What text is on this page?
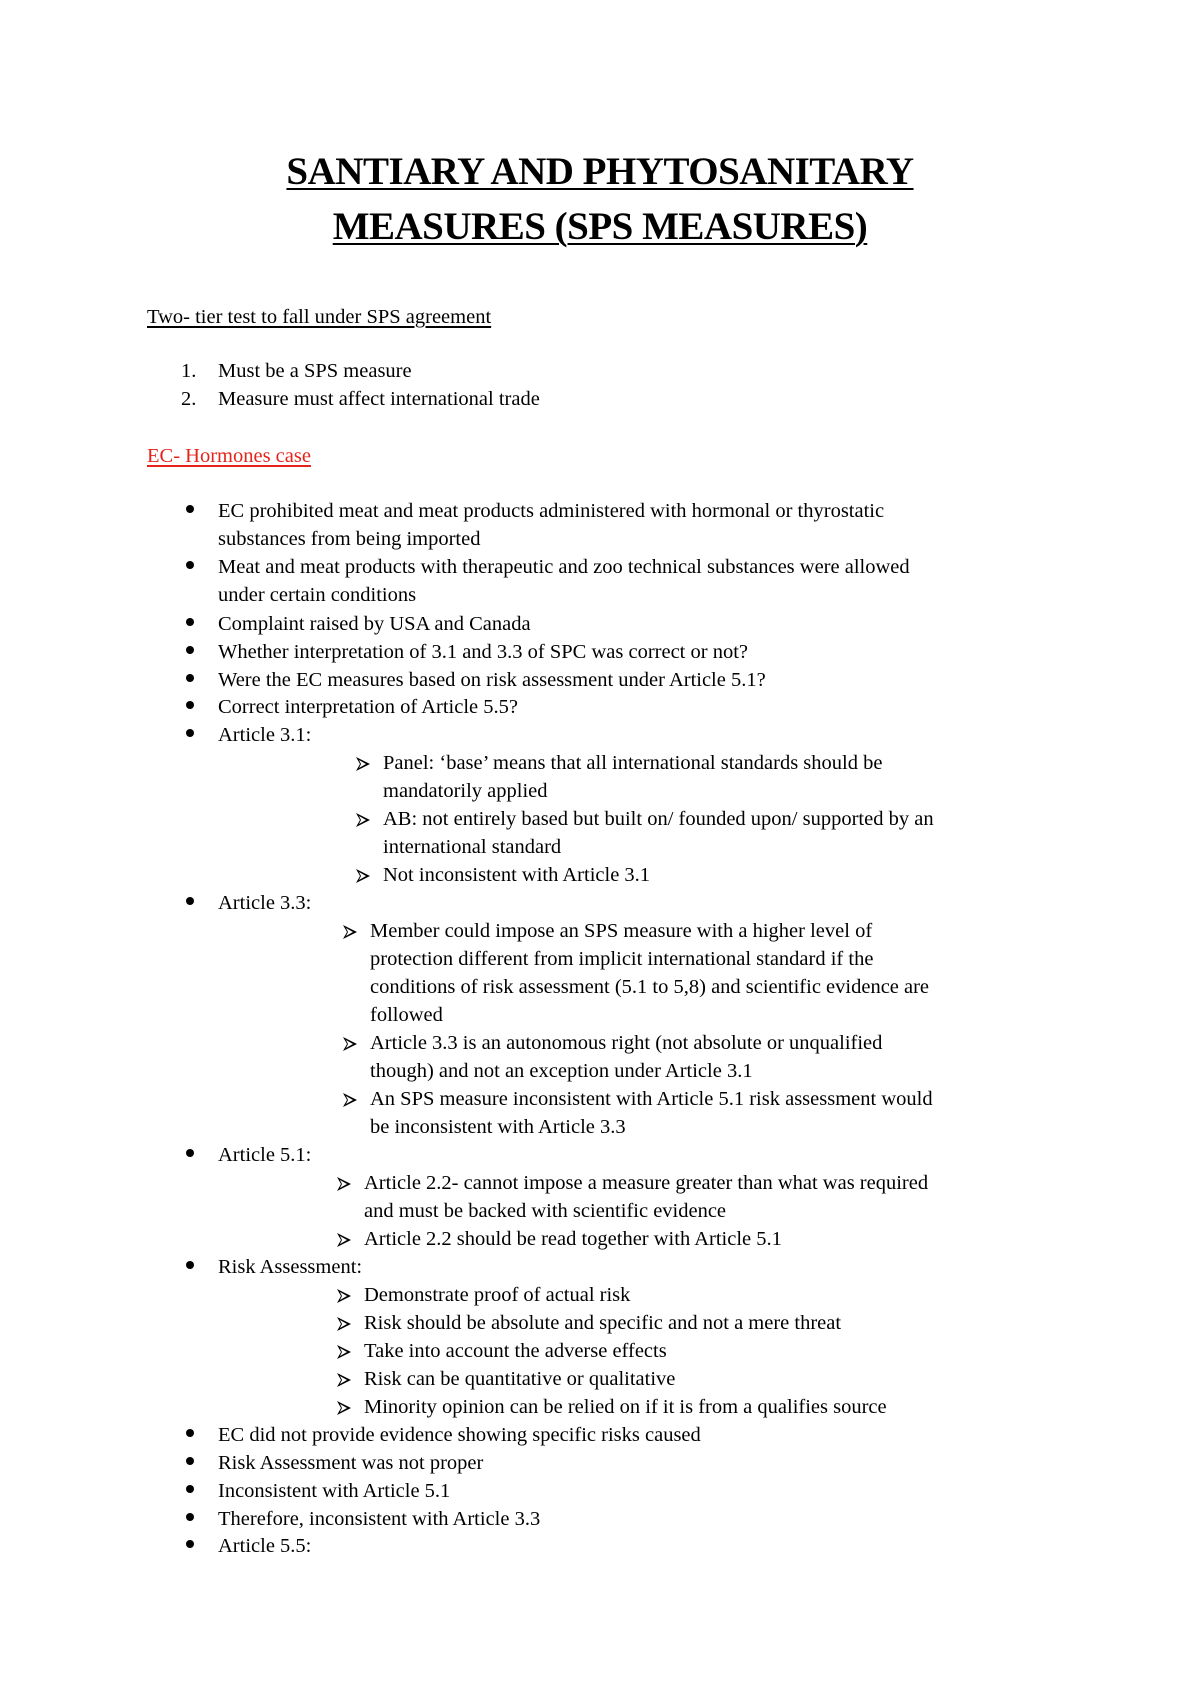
SANTIARY AND PHYTOSANITARY
MEASURES (SPS MEASURES)
Two- tier test to fall under SPS agreement
1. Must be a SPS measure
2. Measure must affect international trade
EC- Hormones case
EC prohibited meat and meat products administered with hormonal or thyrostatic
substances from being imported
Meat and meat products with therapeutic and zoo technical substances were allowed
under certain conditions
Complaint raised by USA and Canada
Whether interpretation of 3.1 and 3.3 of SPC was correct or not?
Were the EC measures based on risk assessment under Article 5.1?
Correct interpretation of Article 5.5?
Article 3.1:
Panel: ‘base’ means that all international standards should be
mandatorily applied
AB: not entirely based but built on/ founded upon/ supported by an
international standard
Not inconsistent with Article 3.1
Article 3.3:
Member could impose an SPS measure with a higher level of
protection different from implicit international standard if the
conditions of risk assessment (5.1 to 5,8) and scientific evidence are
followed
Article 3.3 is an autonomous right (not absolute or unqualified
though) and not an exception under Article 3.1
An SPS measure inconsistent with Article 5.1 risk assessment would
be inconsistent with Article 3.3
Article 5.1:
Article 2.2- cannot impose a measure greater than what was required
and must be backed with scientific evidence
Article 2.2 should be read together with Article 5.1
Risk Assessment:
Demonstrate proof of actual risk
Risk should be absolute and specific and not a mere threat
Take into account the adverse effects
Risk can be quantitative or qualitative
Minority opinion can be relied on if it is from a qualifies source
EC did not provide evidence showing specific risks caused
Risk Assessment was not proper
Inconsistent with Article 5.1
Therefore, inconsistent with Article 3.3
Article 5.5:
